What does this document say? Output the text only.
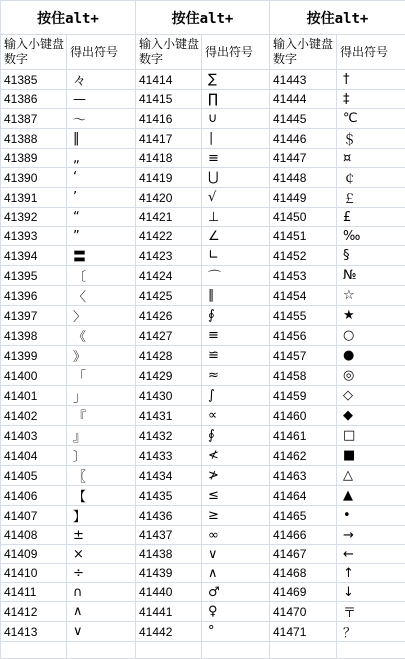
按住alt+		按住alt+		按住alt+	
输入小键盘数字	得出符号	输入小键盘数字	得出符号	输入小键盘数字	得出符号
41385	々	41414	∑	41443	†
41386	—	41415	∏	41444	‡
41387	～	41416	∪	41445	℃
41388	‖	41417	∣	41446	＄
41389	„	41418	≡	41447	¤
41390	‘	41419	⋃	41448	￠
41391	’	41420	√	41449	￡
41392	“	41421	⊥	41450	£
41393	”	41422	∠	41451	‰
41394	〓	41423	∟	41452	§
41395	〔	41424	⌒	41453	№
41396	〈	41425	∥	41454	☆
41397	〉	41426	∮	41455	★
41398	《	41427	≡	41456	○
41399	》	41428	≌	41457	●
41400	「	41429	≈	41458	◎
41401	」	41430	∫	41459	◇
41402	『	41431	∝	41460	◆
41403	』	41432	∮	41461	□
41404	〕	41433	≮	41462	■
41405	〖	41434	≯	41463	△
41406	【	41435	≤	41464	▲
41407	】	41436	≥	41465	•
41408	±	41437	∞	41466	→
41409	×	41438	∨	41467	←
41410	÷	41439	∧	41468	↑
41411	∩	41440	♂	41469	↓
41412	∧	41441	♀	41470	〒
41413	∨	41442	°	41471	？
